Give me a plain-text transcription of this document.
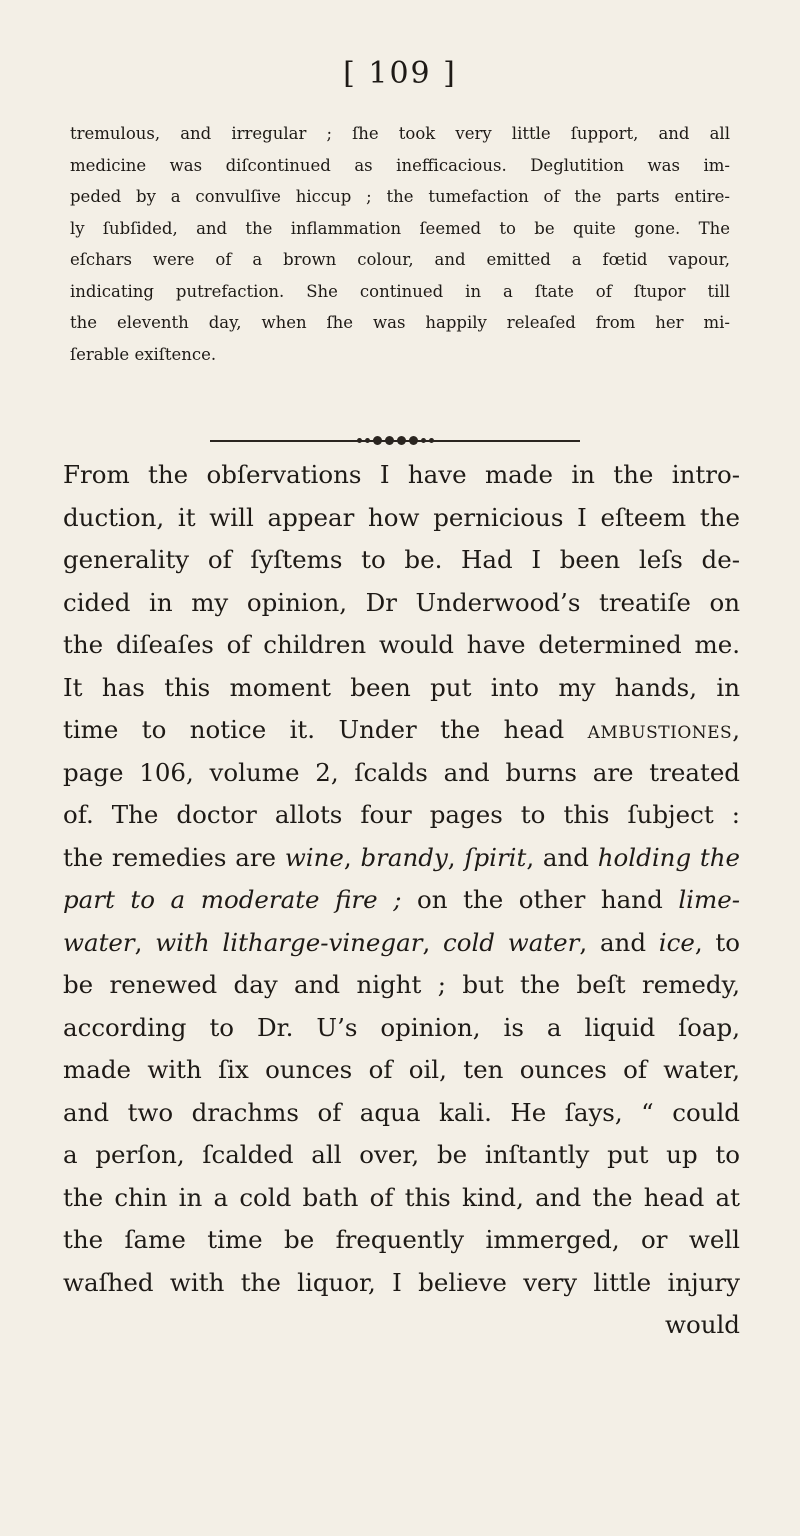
[ 109 ]
tremulous, and irregular ; ſhe took very little ſupport, and all
medicine was diſcontinued as inefficacious. Deglutition was im-
peded by a convulſive hiccup ; the tumefaction of the parts entire-
ly ſubſided, and the inflammation ſeemed to be quite gone. The
eſchars were of a brown colour, and emitted a fœtid vapour,
indicating putrefaction. She continued in a ſtate of ſtupor till
the eleventh day, when ſhe was happily releaſed from her mi-
ſerable exiſtence.
From the obſervations I have made in the intro-
duction, it will appear how pernicious I eſteem the
generality of ſyſtems to be. Had I been leſs de-
cided in my opinion, Dr Underwood’s treatiſe on
the diſeaſes of children would have determined me.
It has this moment been put into my hands, in
time to notice it. Under the head ambustiones,
page 106, volume 2, ſcalds and burns are treated
of. The doctor allots four pages to this ſubject :
the remedies are wine, brandy, ſpirit, and holding the
part to a moderate fire ; on the other hand lime-
water, with litharge-vinegar, cold water, and ice, to
be renewed day and night ; but the beſt remedy,
according to Dr. U’s opinion, is a liquid ſoap,
made with ſix ounces of oil, ten ounces of water,
and two drachms of aqua kali. He ſays, “ could
a perſon, ſcalded all over, be inſtantly put up to
the chin in a cold bath of this kind, and the head at
the ſame time be frequently immerged, or well
waſhed with the liquor, I believe very little injury
would
